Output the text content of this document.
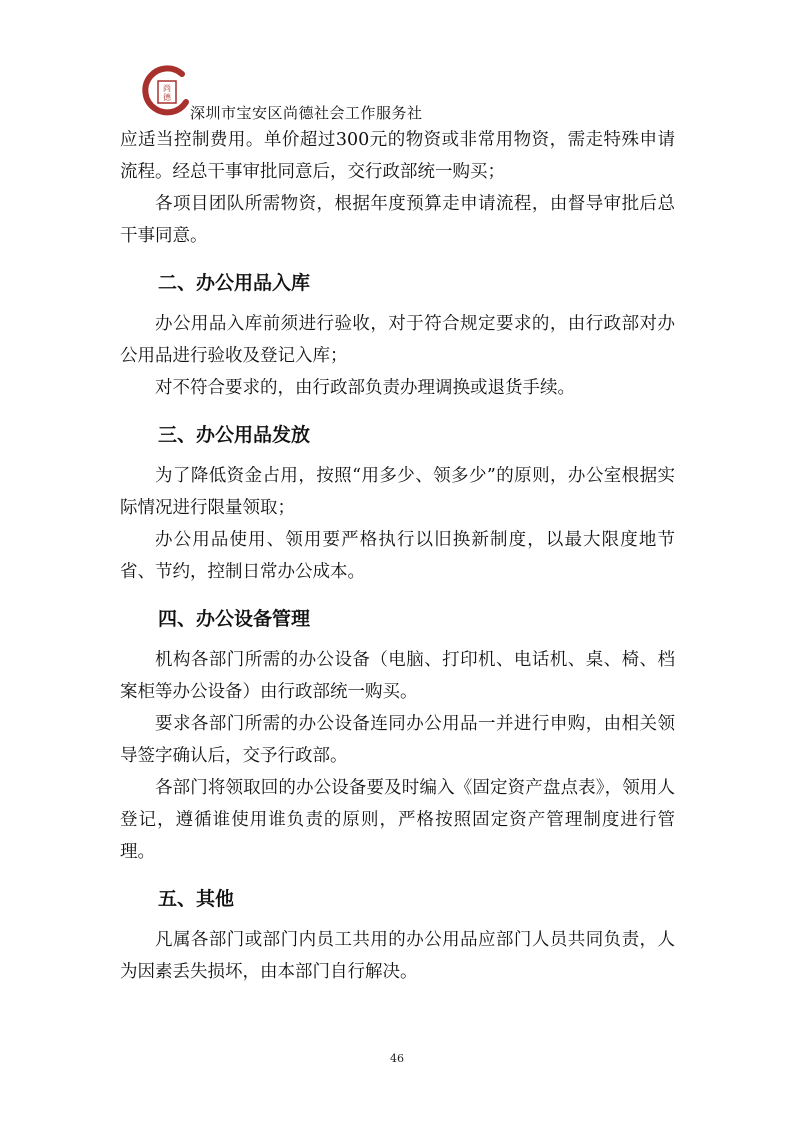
尚
德
深圳市宝安区尚德社会工作服务社

应适当控制费用。单价超过300元的物资或非常用物资，需走特殊申请流程。经总干事审批同意后，交行政部统一购买；

各项目团队所需物资，根据年度预算走申请流程，由督导审批后总干事同意。

二、办公用品入库

办公用品入库前须进行验收，对于符合规定要求的，由行政部对办公用品进行验收及登记入库；

对不符合要求的，由行政部负责办理调换或退货手续。

三、办公用品发放

为了降低资金占用，按照“用多少、领多少”的原则，办公室根据实际情况进行限量领取；

办公用品使用、领用要严格执行以旧换新制度，以最大限度地节省、节约，控制日常办公成本。

四、办公设备管理

机构各部门所需的办公设备（电脑、打印机、电话机、桌、椅、档案柜等办公设备）由行政部统一购买。

要求各部门所需的办公设备连同办公用品一并进行申购，由相关领导签字确认后，交予行政部。

各部门将领取回的办公设备要及时编入《固定资产盘点表》，领用人登记，遵循谁使用谁负责的原则，严格按照固定资产管理制度进行管理。

五、其他

凡属各部门或部门内员工共用的办公用品应部门人员共同负责，人为因素丢失损坏，由本部门自行解决。

46
